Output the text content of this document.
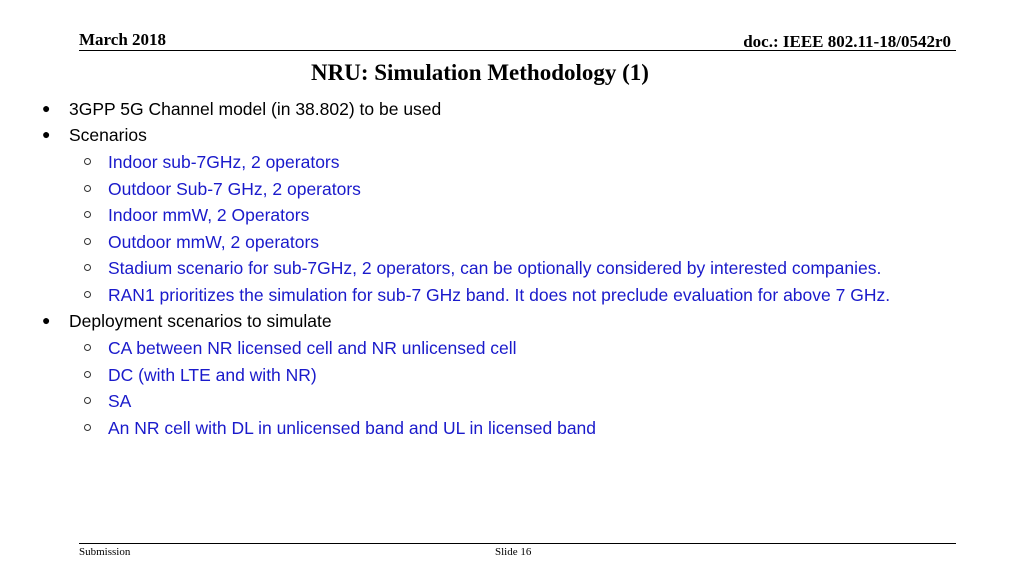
March 2018	doc.: IEEE 802.11-18/0542r0
NRU: Simulation Methodology (1)
● 3GPP 5G Channel model (in 38.802) to be used
● Scenarios
Indoor sub-7GHz, 2 operators
Outdoor Sub-7 GHz, 2 operators
Indoor mmW, 2 Operators
Outdoor mmW, 2 operators
Stadium scenario for sub-7GHz, 2 operators, can be optionally considered by interested companies.
RAN1 prioritizes the simulation for sub-7 GHz band. It does not preclude evaluation for above 7 GHz.
● Deployment scenarios to simulate
CA between NR licensed cell and NR unlicensed cell
DC (with LTE and with NR)
SA
An NR cell with DL in unlicensed band and UL in licensed band
Submission	Slide 16
